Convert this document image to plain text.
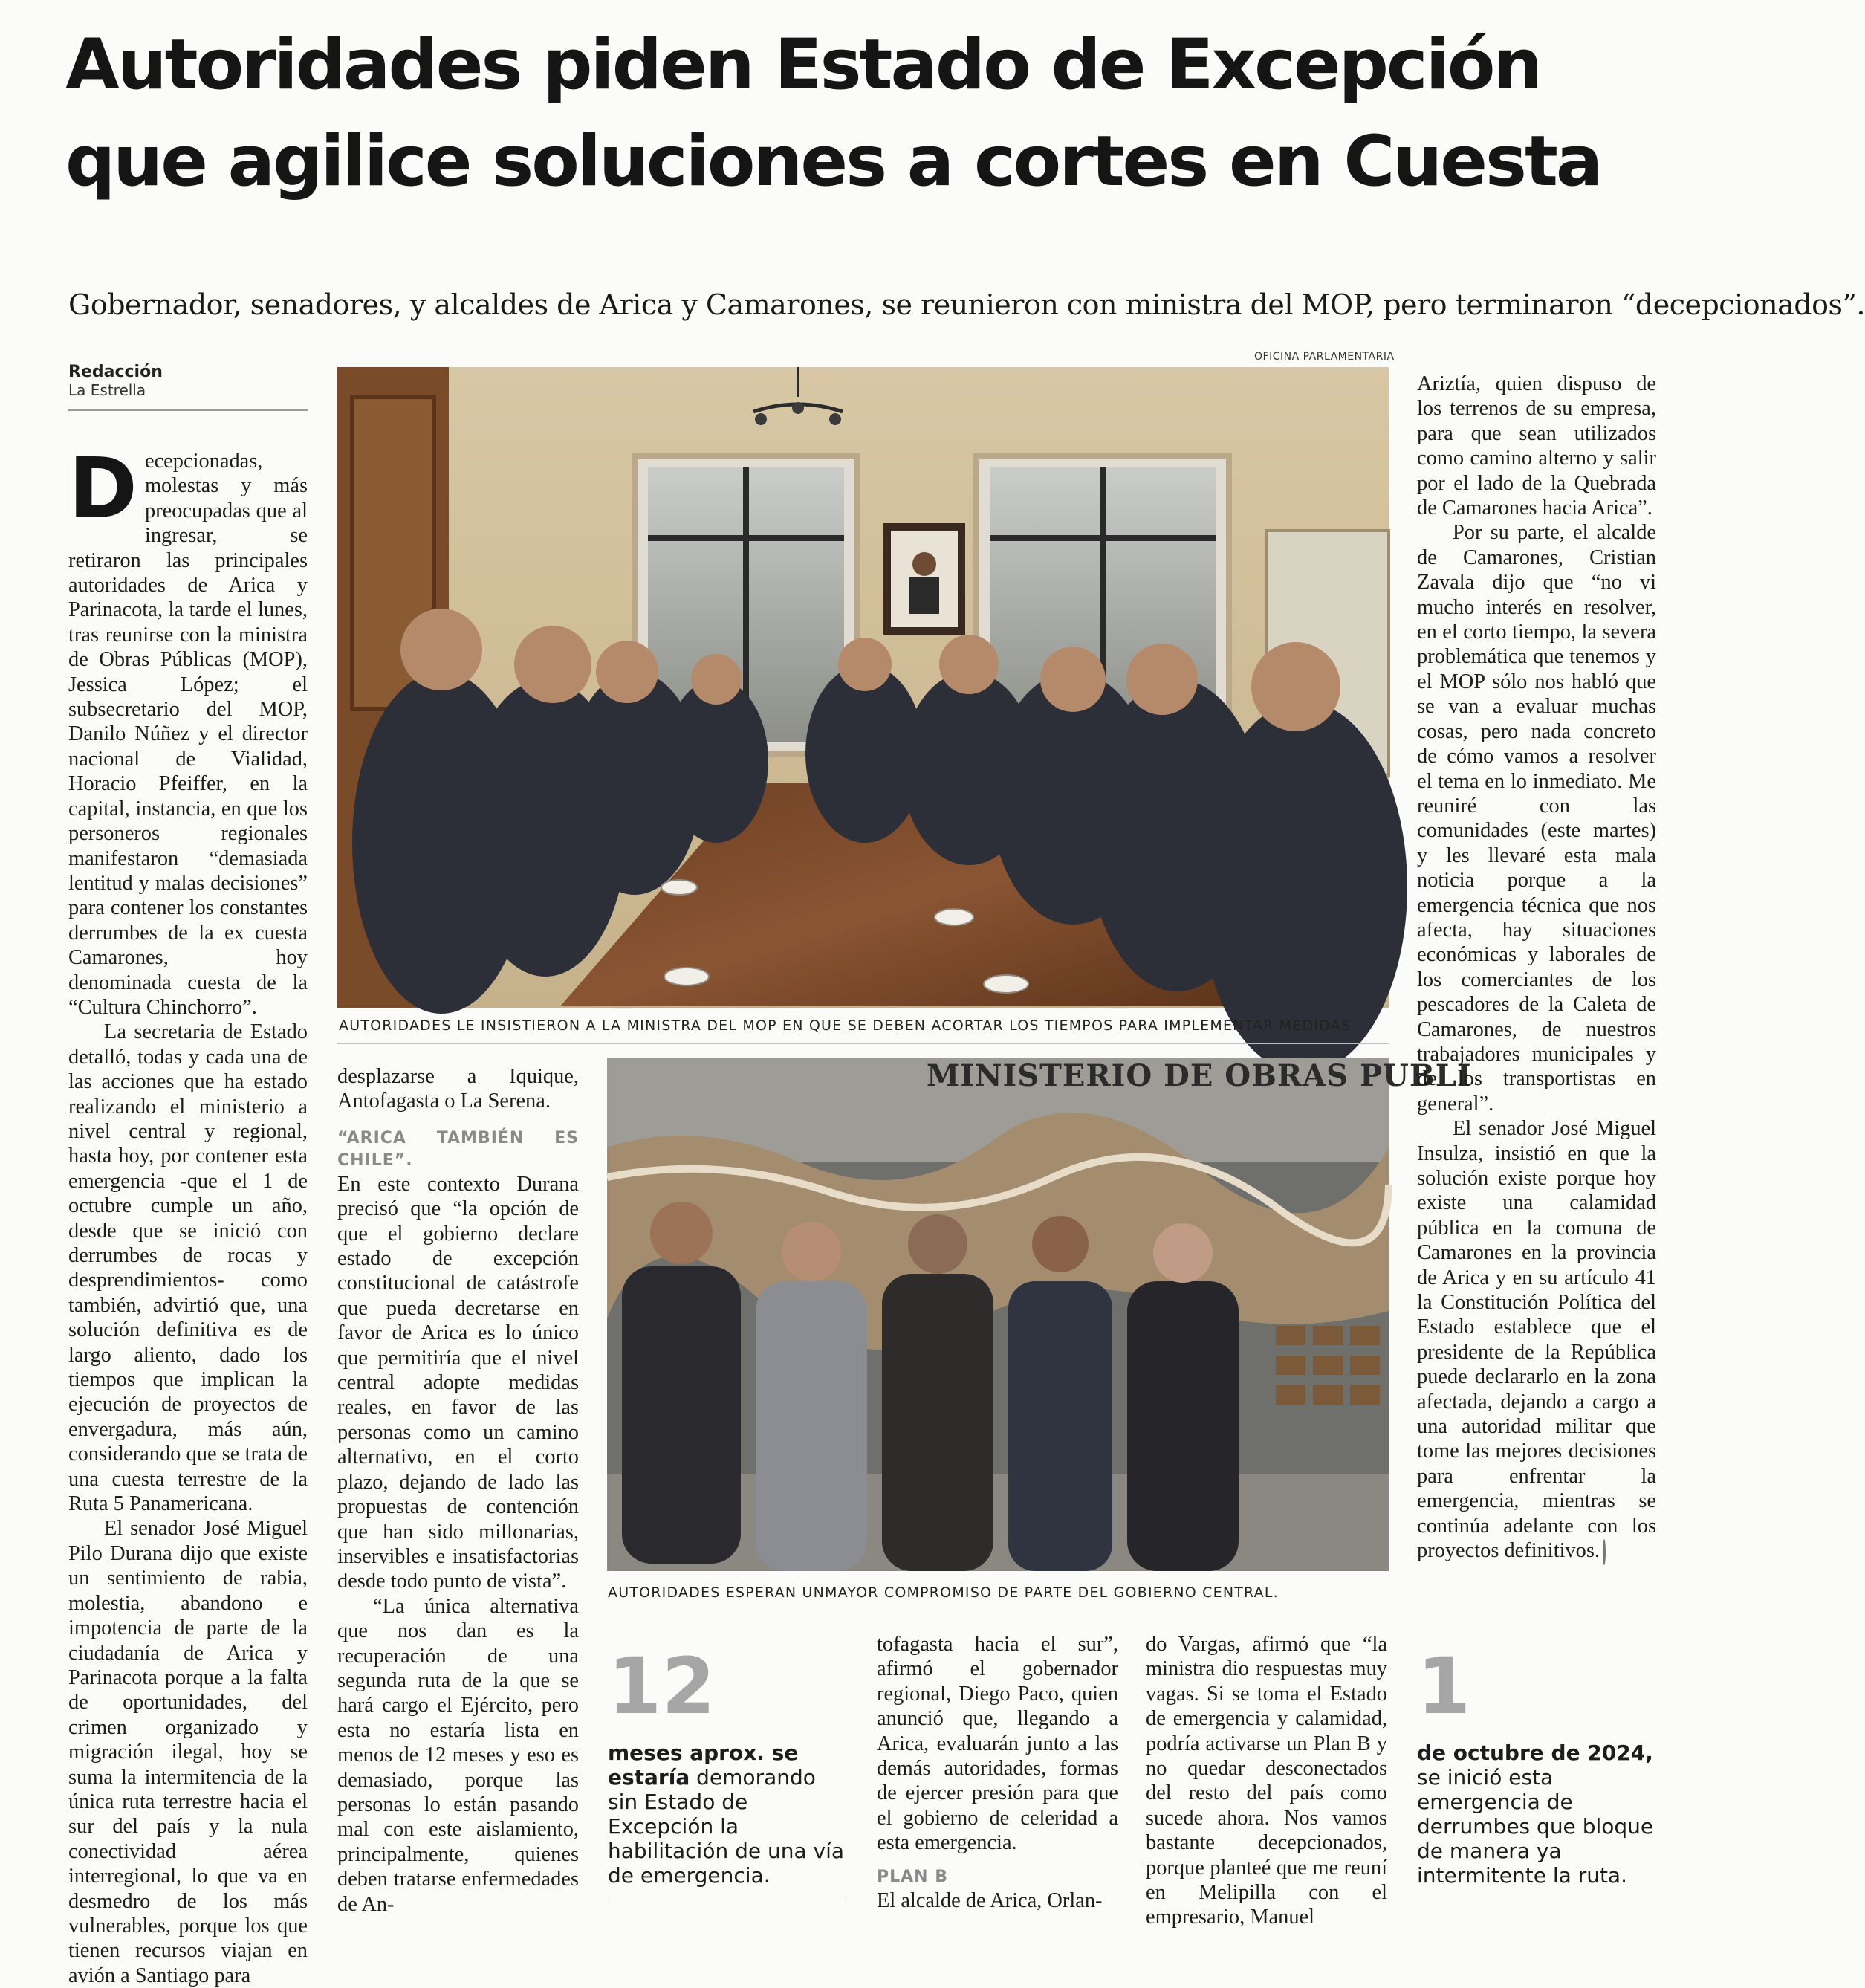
Autoridades piden Estado de Excepción
que agilice soluciones a cortes en Cuesta
Gobernador, senadores, y alcaldes de Arica y Camarones, se reunieron con ministra del MOP, pero terminaron “decepcionados”.
Redacción
La Estrella
OFICINA PARLAMENTARIA
AUTORIDADES LE INSISTIERON A LA MINISTRA DEL MOP EN QUE SE DEBEN ACORTAR LOS TIEMPOS PARA IMPLEMENTAR MEDIDAS.
MINISTERIO DE OBRAS PUBLI
AUTORIDADES ESPERAN UNMAYOR COMPROMISO DE PARTE DEL GOBIERNO CENTRAL.

Decepcionadas, molestas y más preocupadas que al ingresar, se retiraron las principales autoridades de Arica y Parinacota, la tarde el lunes, tras reunirse con la ministra de Obras Públicas (MOP), Jessica López; el subsecretario del MOP, Danilo Núñez y el director nacional de Vialidad, Horacio Pfeiffer, en la capital, instancia, en que los personeros regionales manifestaron “demasiada lentitud y malas decisiones” para contener los constantes derrumbes de la ex cuesta Camarones, hoy denominada cuesta de la “Cultura Chinchorro”.

La secretaria de Estado detalló, todas y cada una de las acciones que ha estado realizando el ministerio a nivel central y regional, hasta hoy, por contener esta emergencia -que el 1 de octubre cumple un año, desde que se inició con derrumbes de rocas y desprendimientos- como también, advirtió que, una solución definitiva es de largo aliento, dado los tiempos que implican la ejecución de proyectos de envergadura, más aún, considerando que se trata de una cuesta terrestre de la Ruta 5 Panamericana.

El senador José Miguel Pilo Durana dijo que existe un sentimiento de rabia, molestia, abandono e impotencia de parte de la ciudadanía de Arica y Parinacota porque a la falta de oportunidades, del crimen organizado y migración ilegal, hoy se suma la intermitencia de la única ruta terrestre hacia el sur del país y la nula conectividad aérea interregional, lo que va en desmedro de los más vulnerables, porque los que tienen recursos viajan en avión a Santiago para

desplazarse a Iquique, Antofagasta o La Serena.

“ARICA TAMBIÉN ES CHILE”.

En este contexto Durana precisó que “la opción de que el gobierno declare estado de excepción constitucional de catástrofe que pueda decretarse en favor de Arica es lo único que permitiría que el nivel central adopte medidas reales, en favor de las personas como un camino alternativo, en el corto plazo, dejando de lado las propuestas de contención que han sido millonarias, inservibles e insatisfactorias desde todo punto de vista”.

“La única alternativa que nos dan es la recuperación de una segunda ruta de la que se hará cargo el Ejército, pero esta no estaría lista en menos de 12 meses y eso es demasiado, porque las personas lo están pasando mal con este aislamiento, principalmente, quienes deben tratarse enfermedades de An-

12
meses aprox. se estaría demorando sin Estado de Excepción la habilitación de una vía de emergencia.

tofagasta hacia el sur”, afirmó el gobernador regional, Diego Paco, quien anunció que, llegando a Arica, evaluarán junto a las demás autoridades, formas de ejercer presión para que el gobierno de celeridad a esta emergencia.

PLAN B

El alcalde de Arica, Orlan-

do Vargas, afirmó que “la ministra dio respuestas muy vagas. Si se toma el Estado de emergencia y calamidad, podría activarse un Plan B y no quedar desconectados del resto del país como sucede ahora. Nos vamos bastante decepcionados, porque planteé que me reuní en Melipilla con el empresario, Manuel

Ariztía, quien dispuso de los terrenos de su empresa, para que sean utilizados como camino alterno y salir por el lado de la Quebrada de Camarones hacia Arica”.

Por su parte, el alcalde de Camarones, Cristian Zavala dijo que “no vi mucho interés en resolver, en el corto tiempo, la severa problemática que tenemos y el MOP sólo nos habló que se van a evaluar muchas cosas, pero nada concreto de cómo vamos a resolver el tema en lo inmediato. Me reuniré con las comunidades (este martes) y les llevaré esta mala noticia porque a la emergencia técnica que nos afecta, hay situaciones económicas y laborales de los comerciantes de los pescadores de la Caleta de Camarones, de nuestros trabajadores municipales y de los transportistas en general”.

El senador José Miguel Insulza, insistió en que la solución existe porque hoy existe una calamidad pública en la comuna de Camarones en la provincia de Arica y en su artículo 41 la Constitución Política del Estado establece que el presidente de la República puede declararlo en la zona afectada, dejando a cargo a una autoridad militar que tome las mejores decisiones para enfrentar la emergencia, mientras se continúa adelante con los proyectos definitivos.

1
de octubre de 2024, se inició esta emergencia de derrumbes que bloque de manera ya intermitente la ruta.
